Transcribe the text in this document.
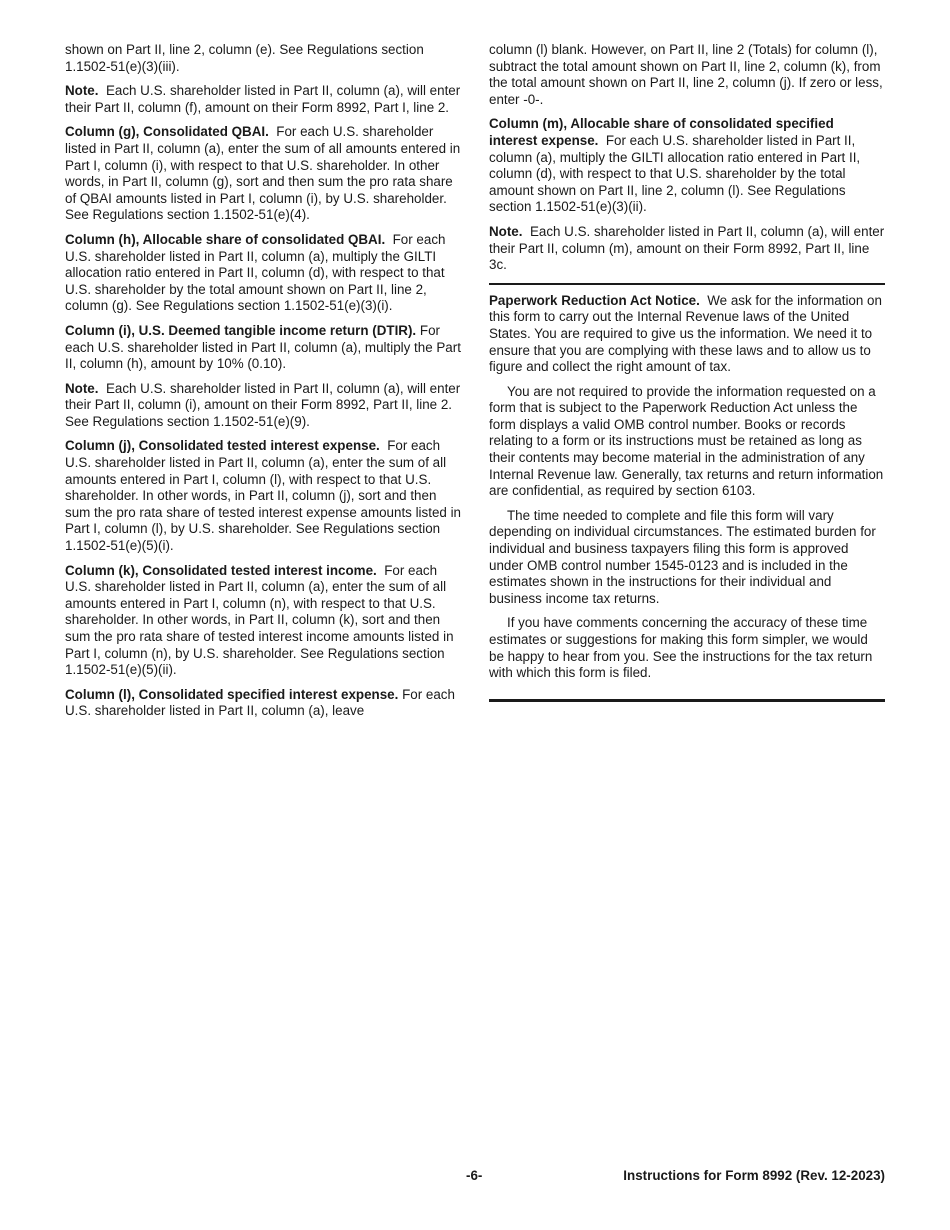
shown on Part II, line 2, column (e). See Regulations section 1.1502-51(e)(3)(iii).

Note. Each U.S. shareholder listed in Part II, column (a), will enter their Part II, column (f), amount on their Form 8992, Part I, line 2.

Column (g), Consolidated QBAI. For each U.S. shareholder listed in Part II, column (a), enter the sum of all amounts entered in Part I, column (i), with respect to that U.S. shareholder. In other words, in Part II, column (g), sort and then sum the pro rata share of QBAI amounts listed in Part I, column (i), by U.S. shareholder. See Regulations section 1.1502-51(e)(4).

Column (h), Allocable share of consolidated QBAI. For each U.S. shareholder listed in Part II, column (a), multiply the GILTI allocation ratio entered in Part II, column (d), with respect to that U.S. shareholder by the total amount shown on Part II, line 2, column (g). See Regulations section 1.1502-51(e)(3)(i).

Column (i), U.S. Deemed tangible income return (DTIR). For each U.S. shareholder listed in Part II, column (a), multiply the Part II, column (h), amount by 10% (0.10).

Note. Each U.S. shareholder listed in Part II, column (a), will enter their Part II, column (i), amount on their Form 8992, Part II, line 2. See Regulations section 1.1502-51(e)(9).

Column (j), Consolidated tested interest expense. For each U.S. shareholder listed in Part II, column (a), enter the sum of all amounts entered in Part I, column (l), with respect to that U.S. shareholder. In other words, in Part II, column (j), sort and then sum the pro rata share of tested interest expense amounts listed in Part I, column (l), by U.S. shareholder. See Regulations section 1.1502-51(e)(5)(i).

Column (k), Consolidated tested interest income. For each U.S. shareholder listed in Part II, column (a), enter the sum of all amounts entered in Part I, column (n), with respect to that U.S. shareholder. In other words, in Part II, column (k), sort and then sum the pro rata share of tested interest income amounts listed in Part I, column (n), by U.S. shareholder. See Regulations section 1.1502-51(e)(5)(ii).

Column (l), Consolidated specified interest expense. For each U.S. shareholder listed in Part II, column (a), leave

column (l) blank. However, on Part II, line 2 (Totals) for column (l), subtract the total amount shown on Part II, line 2, column (k), from the total amount shown on Part II, line 2, column (j). If zero or less, enter -0-.

Column (m), Allocable share of consolidated specified interest expense. For each U.S. shareholder listed in Part II, column (a), multiply the GILTI allocation ratio entered in Part II, column (d), with respect to that U.S. shareholder by the total amount shown on Part II, line 2, column (l). See Regulations section 1.1502-51(e)(3)(ii).

Note. Each U.S. shareholder listed in Part II, column (a), will enter their Part II, column (m), amount on their Form 8992, Part II, line 3c.

Paperwork Reduction Act Notice. We ask for the information on this form to carry out the Internal Revenue laws of the United States. You are required to give us the information. We need it to ensure that you are complying with these laws and to allow us to figure and collect the right amount of tax.

You are not required to provide the information requested on a form that is subject to the Paperwork Reduction Act unless the form displays a valid OMB control number. Books or records relating to a form or its instructions must be retained as long as their contents may become material in the administration of any Internal Revenue law. Generally, tax returns and return information are confidential, as required by section 6103.

The time needed to complete and file this form will vary depending on individual circumstances. The estimated burden for individual and business taxpayers filing this form is approved under OMB control number 1545-0123 and is included in the estimates shown in the instructions for their individual and business income tax returns.

If you have comments concerning the accuracy of these time estimates or suggestions for making this form simpler, we would be happy to hear from you. See the instructions for the tax return with which this form is filed.

-6-	Instructions for Form 8992 (Rev. 12-2023)
